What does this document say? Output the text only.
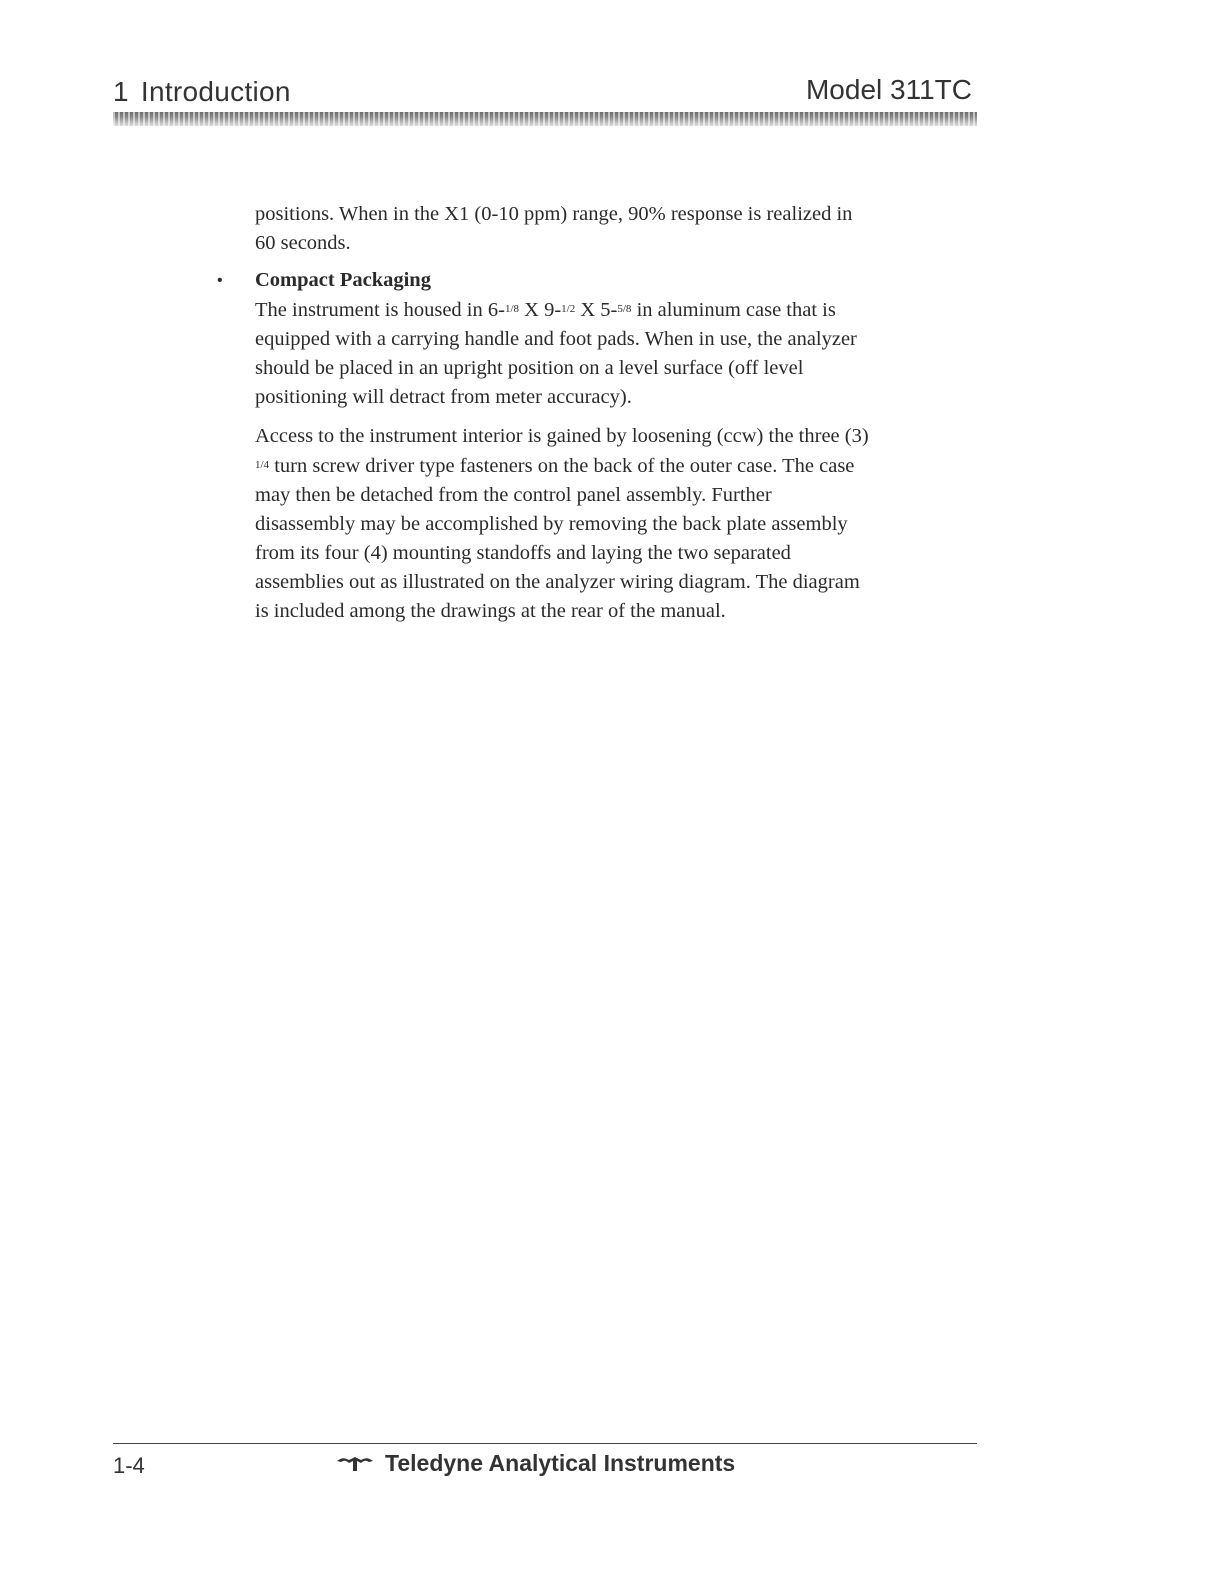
1 Introduction	Model 311TC

positions. When in the X1 (0-10 ppm) range, 90% response is realized in 60 seconds.

• Compact Packaging

The instrument is housed in 6-1/8 X 9-1/2 X 5-5/8 in aluminum case that is equipped with a carrying handle and foot pads. When in use, the analyzer should be placed in an upright position on a level surface (off level positioning will detract from meter accuracy).

Access to the instrument interior is gained by loosening (ccw) the three (3) 1/4 turn screw driver type fasteners on the back of the outer case. The case may then be detached from the control panel assembly. Further disassembly may be accomplished by removing the back plate assembly from its four (4) mounting standoffs and laying the two separated assemblies out as illustrated on the analyzer wiring diagram. The diagram is included among the drawings at the rear of the manual.

1-4	Teledyne Analytical Instruments
